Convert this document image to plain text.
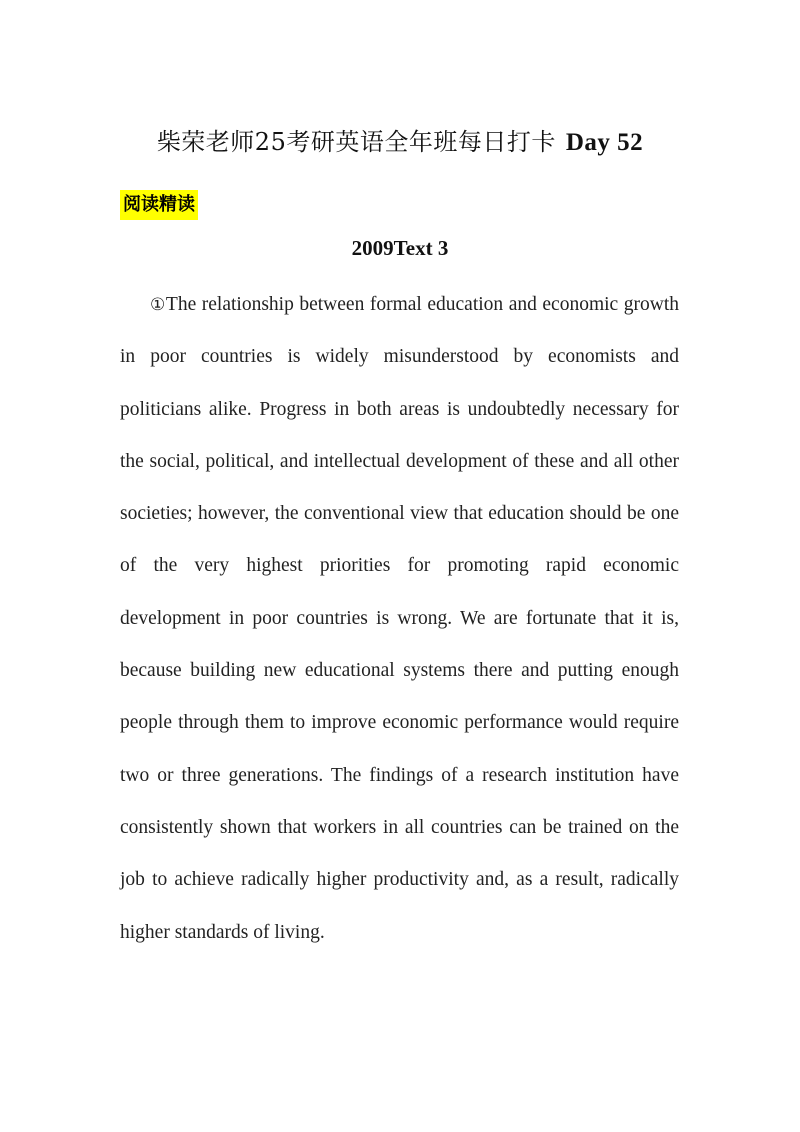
柴荣老师25考研英语全年班每日打卡 Day 52
阅读精读
2009Text 3

①The relationship between formal education and economic growth in poor countries is widely misunderstood by economists and politicians alike. Progress in both areas is undoubtedly necessary for the social, political, and intellectual development of these and all other societies; however, the conventional view that education should be one of the very highest priorities for promoting rapid economic development in poor countries is wrong. We are fortunate that it is, because building new educational systems there and putting enough people through them to improve economic performance would require two or three generations. The findings of a research institution have consistently shown that workers in all countries can be trained on the job to achieve radically higher productivity and, as a result, radically higher standards of living.
